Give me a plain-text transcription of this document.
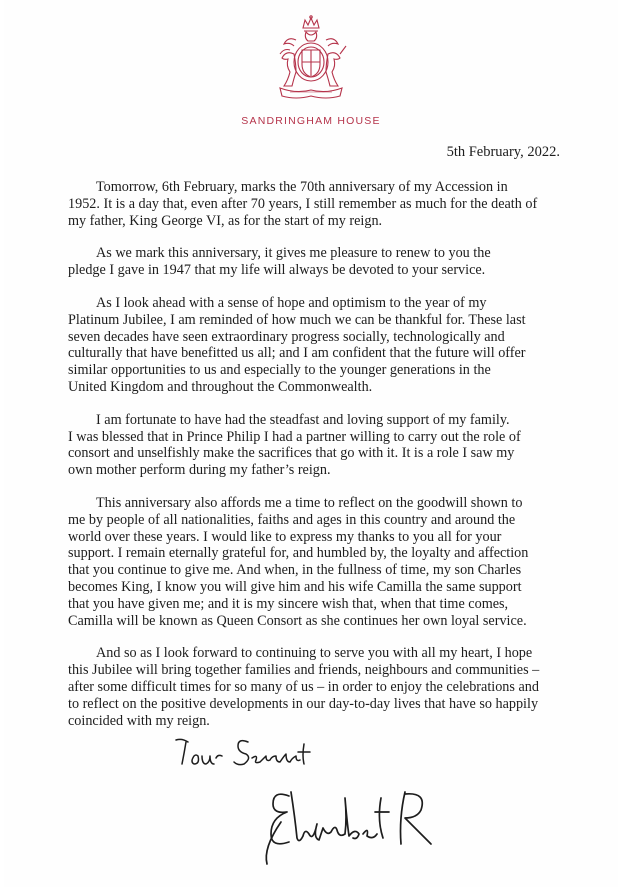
SANDRINGHAM HOUSE
5th February, 2022.
Tomorrow, 6th February, marks the 70th anniversary of my Accession in
1952. It is a day that, even after 70 years, I still remember as much for the death of
my father, King George VI, as for the start of my reign.
As we mark this anniversary, it gives me pleasure to renew to you the
pledge I gave in 1947 that my life will always be devoted to your service.
As I look ahead with a sense of hope and optimism to the year of my
Platinum Jubilee, I am reminded of how much we can be thankful for. These last
seven decades have seen extraordinary progress socially, technologically and
culturally that have benefitted us all; and I am confident that the future will offer
similar opportunities to us and especially to the younger generations in the
United Kingdom and throughout the Commonwealth.
I am fortunate to have had the steadfast and loving support of my family.
I was blessed that in Prince Philip I had a partner willing to carry out the role of
consort and unselfishly make the sacrifices that go with it. It is a role I saw my
own mother perform during my father’s reign.
This anniversary also affords me a time to reflect on the goodwill shown to
me by people of all nationalities, faiths and ages in this country and around the
world over these years. I would like to express my thanks to you all for your
support. I remain eternally grateful for, and humbled by, the loyalty and affection
that you continue to give me. And when, in the fullness of time, my son Charles
becomes King, I know you will give him and his wife Camilla the same support
that you have given me; and it is my sincere wish that, when that time comes,
Camilla will be known as Queen Consort as she continues her own loyal service.
And so as I look forward to continuing to serve you with all my heart, I hope
this Jubilee will bring together families and friends, neighbours and communities –
after some difficult times for so many of us – in order to enjoy the celebrations and
to reflect on the positive developments in our day-to-day lives that have so happily
coincided with my reign.
